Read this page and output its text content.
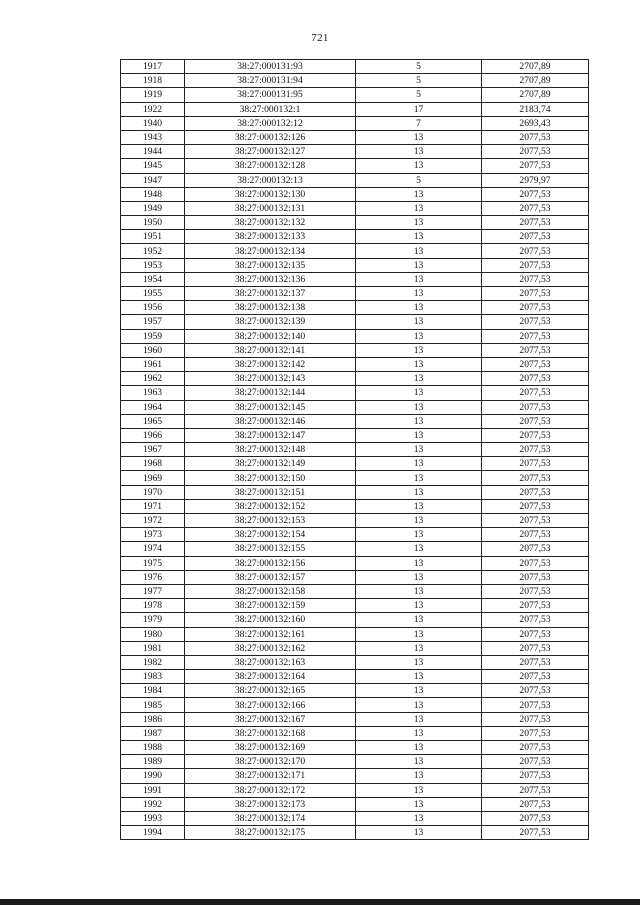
721
1917	38:27:000131:93	5	2707,89
1918	38:27:000131:94	5	2707,89
1919	38:27:000131:95	5	2707,89
1922	38:27:000132:1	17	2183,74
1940	38:27:000132:12	7	2693,43
1943	38:27:000132:126	13	2077,53
1944	38:27:000132:127	13	2077,53
1945	38:27:000132:128	13	2077,53
1947	38:27:000132:13	5	2979,97
1948	38:27:000132:130	13	2077,53
1949	38:27:000132:131	13	2077,53
1950	38:27:000132:132	13	2077,53
1951	38:27:000132:133	13	2077,53
1952	38:27:000132:134	13	2077,53
1953	38:27:000132:135	13	2077,53
1954	38:27:000132:136	13	2077,53
1955	38:27:000132:137	13	2077,53
1956	38:27:000132:138	13	2077,53
1957	38:27:000132:139	13	2077,53
1959	38:27:000132:140	13	2077,53
1960	38:27:000132:141	13	2077,53
1961	38:27:000132:142	13	2077,53
1962	38:27:000132:143	13	2077,53
1963	38:27:000132:144	13	2077,53
1964	38:27:000132:145	13	2077,53
1965	38:27:000132:146	13	2077,53
1966	38:27:000132:147	13	2077,53
1967	38:27:000132:148	13	2077,53
1968	38:27:000132:149	13	2077,53
1969	38:27:000132:150	13	2077,53
1970	38:27:000132:151	13	2077,53
1971	38:27:000132:152	13	2077,53
1972	38:27:000132:153	13	2077,53
1973	38:27:000132:154	13	2077,53
1974	38:27:000132:155	13	2077,53
1975	38:27:000132:156	13	2077,53
1976	38:27:000132:157	13	2077,53
1977	38:27:000132:158	13	2077,53
1978	38:27:000132:159	13	2077,53
1979	38:27:000132:160	13	2077,53
1980	38:27:000132:161	13	2077,53
1981	38:27:000132:162	13	2077,53
1982	38:27:000132:163	13	2077,53
1983	38:27:000132:164	13	2077,53
1984	38:27:000132:165	13	2077,53
1985	38:27:000132:166	13	2077,53
1986	38:27:000132:167	13	2077,53
1987	38:27:000132:168	13	2077,53
1988	38:27:000132:169	13	2077,53
1989	38:27:000132:170	13	2077,53
1990	38:27:000132:171	13	2077,53
1991	38:27:000132:172	13	2077,53
1992	38:27:000132:173	13	2077,53
1993	38:27:000132:174	13	2077,53
1994	38:27:000132:175	13	2077,53
